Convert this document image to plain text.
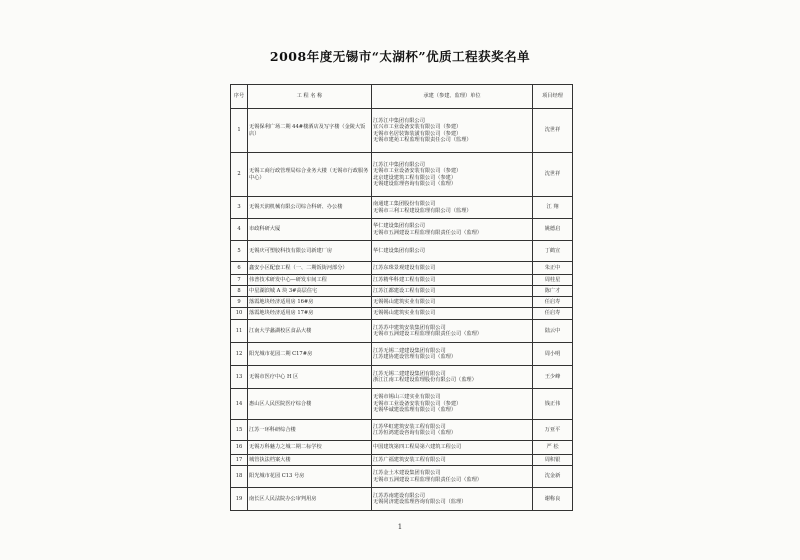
2008年度无锡市“太湖杯”优质工程获奖名单
序号	工 程 名 称	承建（参建、监理）单位	项目经理
1	无锡保利广场二期 44#楼酒店及写字楼（金陵大饭店）	江苏江中集团有限公司
宜兴市工业设备安装有限公司（参建）
无锡市名居装饰装潢有限公司（参建）
无锡市建苑工程监理有限责任公司（监理）	沈世祥
2	无锡工商行政管理局综合业务大楼（无锡市行政服务中心）	江苏江中集团有限公司
无锡市工业设备安装有限公司（参建）
北京建设建筑工程有限公司（参建）
无锡建设监理咨询有限公司（监理）	沈世祥
3	无锡天润机械有限公司综合科研、办公楼	南通建工集团股份有限公司
无锡市三利工程建设监理有限公司（监理）	江 翔
4	市政科研大厦	华仁建设集团有限公司
无锡市五洲建设工程监理有限责任公司（监理）	姚德启
5	无锡庆可塑胶科技有限公司新建厂房	华仁建设集团有限公司	丁鹤宣
6	鑫安小区配套工程（一、二期饭街河部分）	江苏东珠景观建设有限公司	朱正中
7	伟普技术研发中心—研发车间工程	江苏精华科建工程有限公司	周桂星
8	中星湖滨城 A 块 3#高层住宅	江苏江都建设工程有限公司	陈广才
9	落霞地块经济适用房 16#房	无锡锡山建筑实业有限公司	任启寿
10	落霞地块经济适用房 17#房	无锡锡山建筑实业有限公司	任启寿
11	江南大学蠡湖校区食品大楼	江苏苏中建筑安装集团有限公司
无锡市五洲建设工程监理有限责任公司（监理）	陆云中
12	阳光城市花园二期 C17#房	江苏无锡二建建设集团有限公司
江苏建协建设管理有限公司（监理）	周小明
13	无锡市医疗中心 H 区	江苏无锡二建建设集团有限公司
浙江江南工程建设监理股份有限公司（监理）	王少峰
14	惠山区人民医院医疗综合楼	无锡市锡山三建实业有限公司
无锡市工业设备安装有限公司（参建）
无锡华诚建设监理有限公司（监理）	钱正伟
15	江苏一环科研综合楼	江苏华虹建筑安装工程有限公司
江苏恒鸿建设咨询有限公司（监理）	万亚平
16	无锡万科魅力之城二期二标学校	中国建筑第四工程局第六建筑工程公司	严 松
17	城管执法档案大楼	江苏广福建筑安装工程有限公司	周积银
18	阳光城市花园 C13 号房	江苏金土木建设集团有限公司
无锡市五洲建设工程监理有限责任公司（监理）	沈金新
19	南长区人民法院办公审判用房	江苏苏南建设有限公司
无锡同济建设监理咨询有限公司（监理）	谢称良
1
